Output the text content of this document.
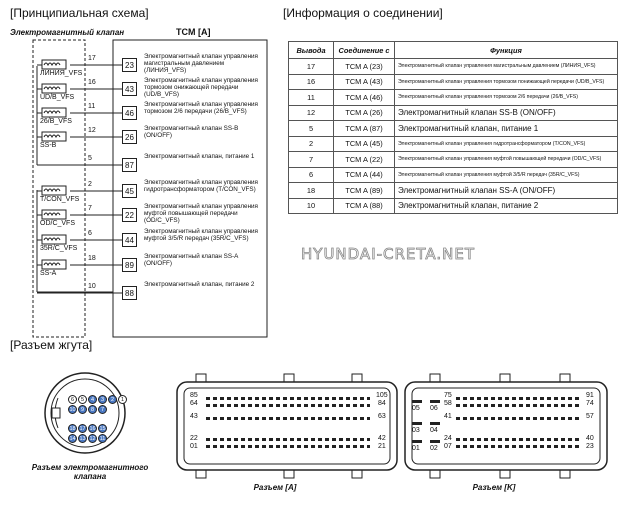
[Принципиальная схема]	[Информация о соединении]
[Разъем жгута]
Электромагнитный клапан	TCM [A]
17
23
Электромагнитный клапан управления магистральным давлением (ЛИНИЯ_VFS)
16
43
Электромагнитный клапан управления тормозом онижающей передачи (UD/B_VFS)
11
46
Электромагнитный клапан управления тормозом 2/6 передачи (26/B_VFS)
12
26
Электромагнитный клапан SS-B (ON/OFF)
5
87
Электромагнитный клапан, питание 1
2
45
Электромагнитный клапан управления гидротрансформатором (T/CON_VFS)
7
22
Электромагнитный клапан управления муфтой повышающей передачи (OD/C_VFS)
6
44
Электромагнитный клапан управления муфтой 3/5/R передач (35R/C_VFS)
18
89
Электромагнитный клапан SS-A (ON/OFF)
10
88
Электромагнитный клапан, питание 2
ЛИНИЯ_VFS
UD/B_VFS
26/B_VFS
SS-B
T/CON_VFS
OD/C_VFS
35R/C_VFS
SS-A
Вывода	Соединение с	Функция
17	TCM A (23)	Электромагнитный клапан управления магистральным давлением (ЛИНИЯ_VFS)
16	TCM A (43)	Электромагнитный клапан управления тормозом понижающей передачи (UD/B_VFS)
11	TCM A (46)	Электромагнитный клапан управления тормозом 2/6 передачи (26/B_VFS)
12	TCM A (26)	Электромагнитный клапан SS-B (ON/OFF)
5	TCM A (87)	Электромагнитный клапан, питание 1
2	TCM A (45)	Электромагнитный клапан управления гидротрансформатором (T/CON_VFS)
7	TCM A (22)	Электромагнитный клапан управления муфтой повышающей передачи (OD/C_VFS)
6	TCM A (44)	Электромагнитный клапан управления муфтой 3/5/R передач (35R/C_VFS)
18	TCM A (89)	Электромагнитный клапан SS-A (ON/OFF)
10	TCM A (88)	Электромагнитный клапан, питание 2
HYUNDAI-CRETA.NET
6	5	4	3	2	1
10 9	8	7
18 17 16 15
14 13 12 11
Разъем электромагнитного клапана
85	105
64	84
43	63
22	42
01	21
Разъем [A]
75
58
91
74
41	57
24	40
07	23
05 06
03 04
01 02
Разъем [K]
